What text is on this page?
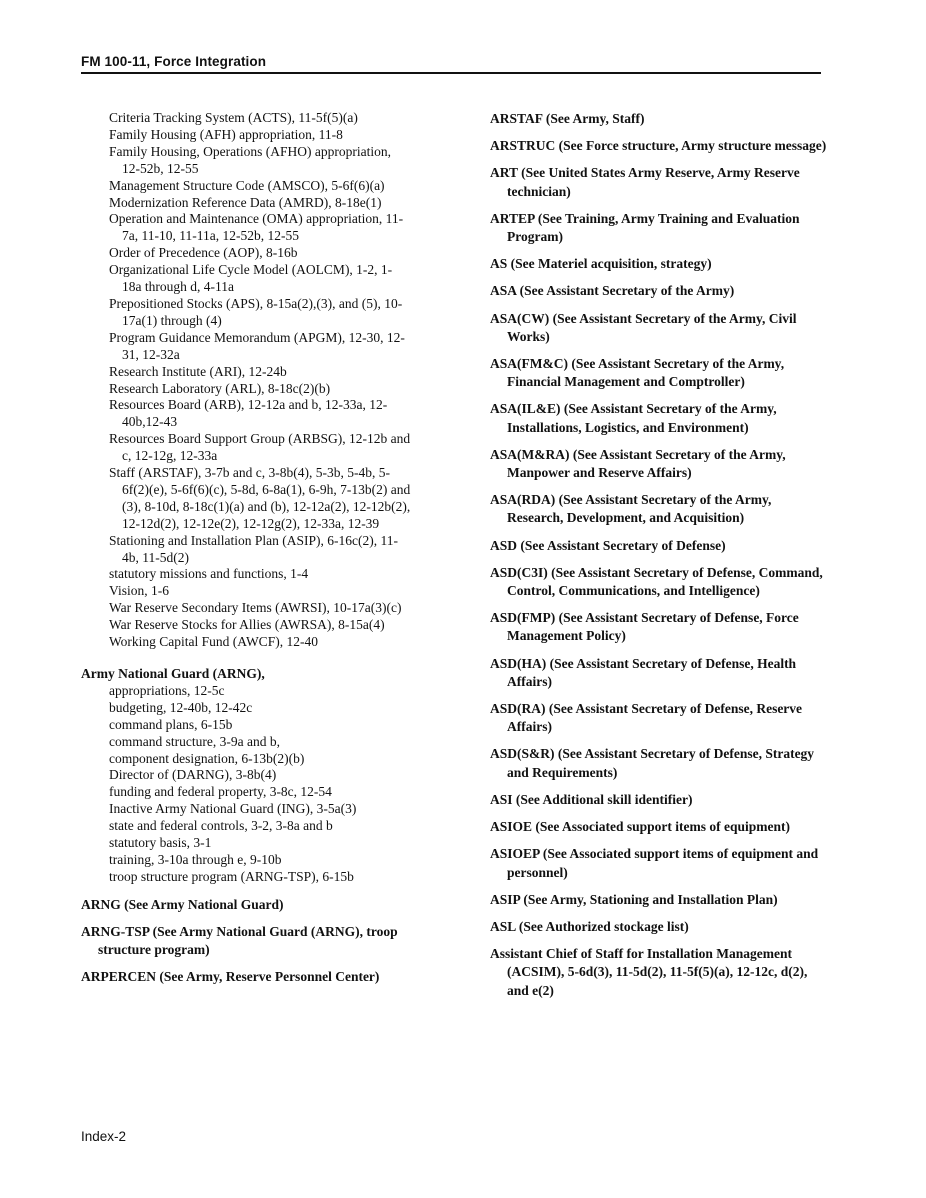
FM 100-11, Force Integration
Criteria Tracking System (ACTS), 11-5f(5)(a)
Family Housing (AFH) appropriation, 11-8
Family Housing, Operations (AFHO) appropriation, 12-52b, 12-55
Management Structure Code (AMSCO), 5-6f(6)(a)
Modernization Reference Data (AMRD), 8-18e(1)
Operation and Maintenance (OMA) appropriation, 11-7a, 11-10, 11-11a, 12-52b, 12-55
Order of Precedence (AOP), 8-16b
Organizational Life Cycle Model (AOLCM), 1-2, 1-18a through d, 4-11a
Prepositioned Stocks (APS), 8-15a(2),(3), and (5), 10-17a(1) through (4)
Program Guidance Memorandum (APGM), 12-30, 12-31, 12-32a
Research Institute (ARI), 12-24b
Research Laboratory (ARL), 8-18c(2)(b)
Resources Board (ARB), 12-12a and b, 12-33a, 12-40b,12-43
Resources Board Support Group (ARBSG), 12-12b and c, 12-12g, 12-33a
Staff (ARSTAF), 3-7b and c, 3-8b(4), 5-3b, 5-4b, 5-6f(2)(e), 5-6f(6)(c), 5-8d, 6-8a(1), 6-9h, 7-13b(2) and (3), 8-10d, 8-18c(1)(a) and (b), 12-12a(2), 12-12b(2), 12-12d(2), 12-12e(2), 12-12g(2), 12-33a, 12-39
Stationing and Installation Plan (ASIP), 6-16c(2), 11-4b, 11-5d(2)
statutory missions and functions, 1-4
Vision, 1-6
War Reserve Secondary Items (AWRSI), 10-17a(3)(c)
War Reserve Stocks for Allies (AWRSA), 8-15a(4)
Working Capital Fund (AWCF), 12-40
Army National Guard (ARNG),
appropriations, 12-5c
budgeting, 12-40b, 12-42c
command plans, 6-15b
command structure, 3-9a and b,
component designation, 6-13b(2)(b)
Director of (DARNG), 3-8b(4)
funding and federal property, 3-8c, 12-54
Inactive Army National Guard (ING), 3-5a(3)
state and federal controls, 3-2, 3-8a and b
statutory basis, 3-1
training, 3-10a through e, 9-10b
troop structure program (ARNG-TSP), 6-15b
ARNG (See Army National Guard)
ARNG-TSP (See Army National Guard (ARNG), troop structure program)
ARPERCEN (See Army, Reserve Personnel Center)
ARSTAF (See Army, Staff)
ARSTRUC (See Force structure, Army structure message)
ART (See United States Army Reserve, Army Reserve technician)
ARTEP (See Training, Army Training and Evaluation Program)
AS (See Materiel acquisition, strategy)
ASA (See Assistant Secretary of the Army)
ASA(CW) (See Assistant Secretary of the Army, Civil Works)
ASA(FM&C) (See Assistant Secretary of the Army, Financial Management and Comptroller)
ASA(IL&E) (See Assistant Secretary of the Army, Installations, Logistics, and Environment)
ASA(M&RA) (See Assistant Secretary of the Army, Manpower and Reserve Affairs)
ASA(RDA) (See Assistant Secretary of the Army, Research, Development, and Acquisition)
ASD (See Assistant Secretary of Defense)
ASD(C3I) (See Assistant Secretary of Defense, Command, Control, Communications, and Intelligence)
ASD(FMP) (See Assistant Secretary of Defense, Force Management Policy)
ASD(HA) (See Assistant Secretary of Defense, Health Affairs)
ASD(RA) (See Assistant Secretary of Defense, Reserve Affairs)
ASD(S&R) (See Assistant Secretary of Defense, Strategy and Requirements)
ASI (See Additional skill identifier)
ASIOE (See Associated support items of equipment)
ASIOEP (See Associated support items of equipment and personnel)
ASIP (See Army, Stationing and Installation Plan)
ASL (See Authorized stockage list)
Assistant Chief of Staff for Installation Management (ACSIM), 5-6d(3), 11-5d(2), 11-5f(5)(a), 12-12c, d(2), and e(2)
Index-2
